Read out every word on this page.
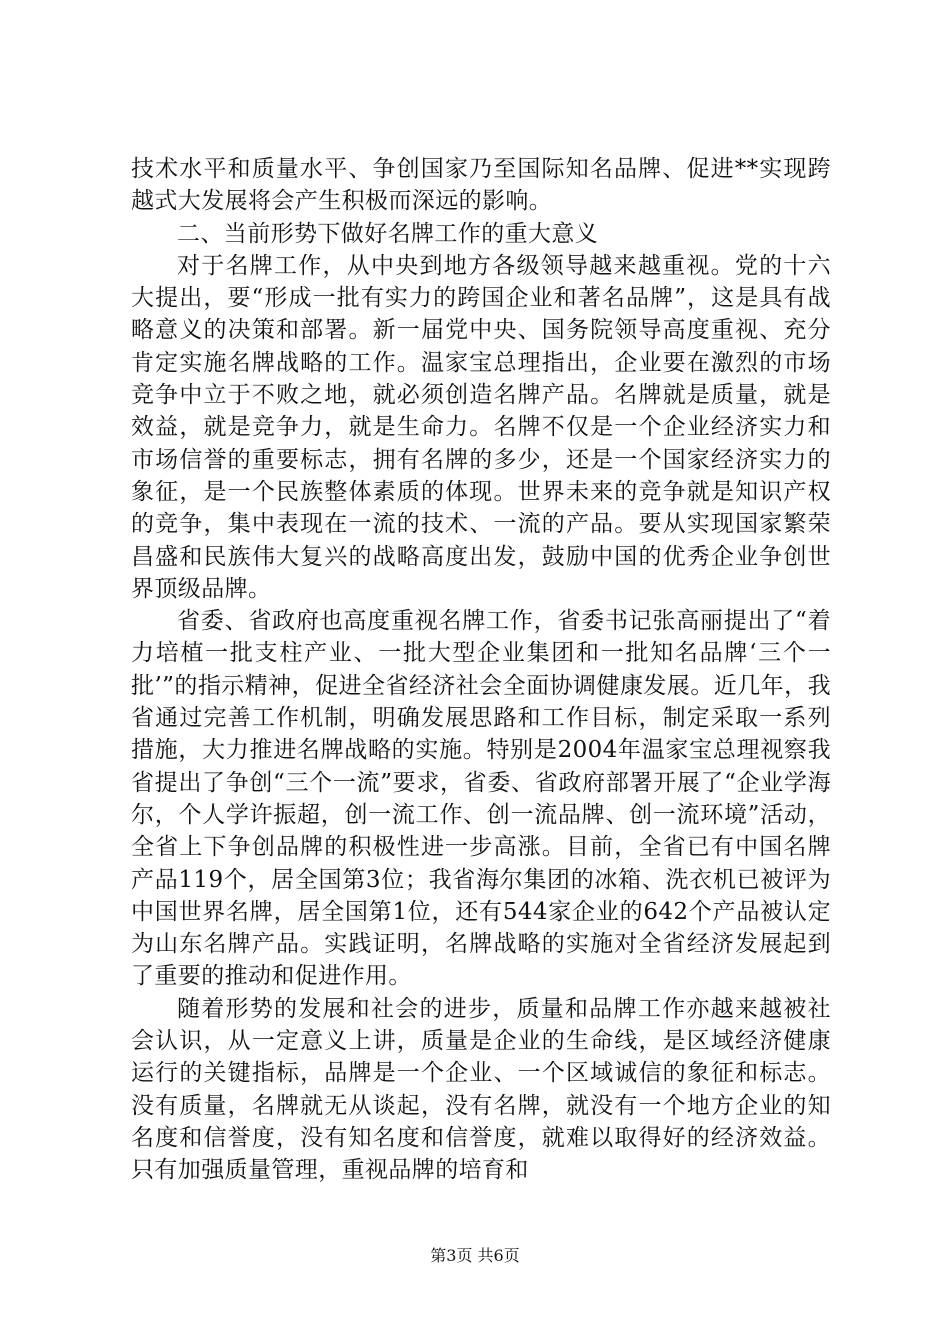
技术水平和质量水平、争创国家乃至国际知名品牌、促进**实现跨越式大发展将会产生积极而深远的影响。

二、当前形势下做好名牌工作的重大意义

对于名牌工作，从中央到地方各级领导越来越重视。党的十六大提出，要“形成一批有实力的跨国企业和著名品牌”，这是具有战略意义的决策和部署。新一届党中央、国务院领导高度重视、充分肯定实施名牌战略的工作。温家宝总理指出，企业要在激烈的市场竞争中立于不败之地，就必须创造名牌产品。名牌就是质量，就是效益，就是竞争力，就是生命力。名牌不仅是一个企业经济实力和市场信誉的重要标志，拥有名牌的多少，还是一个国家经济实力的象征，是一个民族整体素质的体现。世界未来的竞争就是知识产权的竞争，集中表现在一流的技术、一流的产品。要从实现国家繁荣昌盛和民族伟大复兴的战略高度出发，鼓励中国的优秀企业争创世界顶级品牌。

省委、省政府也高度重视名牌工作，省委书记张高丽提出了“着力培植一批支柱产业、一批大型企业集团和一批知名品牌‘三个一批’”的指示精神，促进全省经济社会全面协调健康发展。近几年，我省通过完善工作机制，明确发展思路和工作目标，制定采取一系列措施，大力推进名牌战略的实施。特别是2004年温家宝总理视察我省提出了争创“三个一流”要求，省委、省政府部署开展了“企业学海尔，个人学许振超，创一流工作、创一流品牌、创一流环境”活动，全省上下争创品牌的积极性进一步高涨。目前，全省已有中国名牌产品119个，居全国第3位；我省海尔集团的冰箱、洗衣机已被评为中国世界名牌，居全国第1位，还有544家企业的642个产品被认定为山东名牌产品。实践证明，名牌战略的实施对全省经济发展起到了重要的推动和促进作用。

随着形势的发展和社会的进步，质量和品牌工作亦越来越被社会认识，从一定意义上讲，质量是企业的生命线，是区域经济健康运行的关键指标，品牌是一个企业、一个区域诚信的象征和标志。没有质量，名牌就无从谈起，没有名牌，就没有一个地方企业的知名度和信誉度，没有知名度和信誉度，就难以取得好的经济效益。只有加强质量管理，重视品牌的培育和

第3页 共6页
